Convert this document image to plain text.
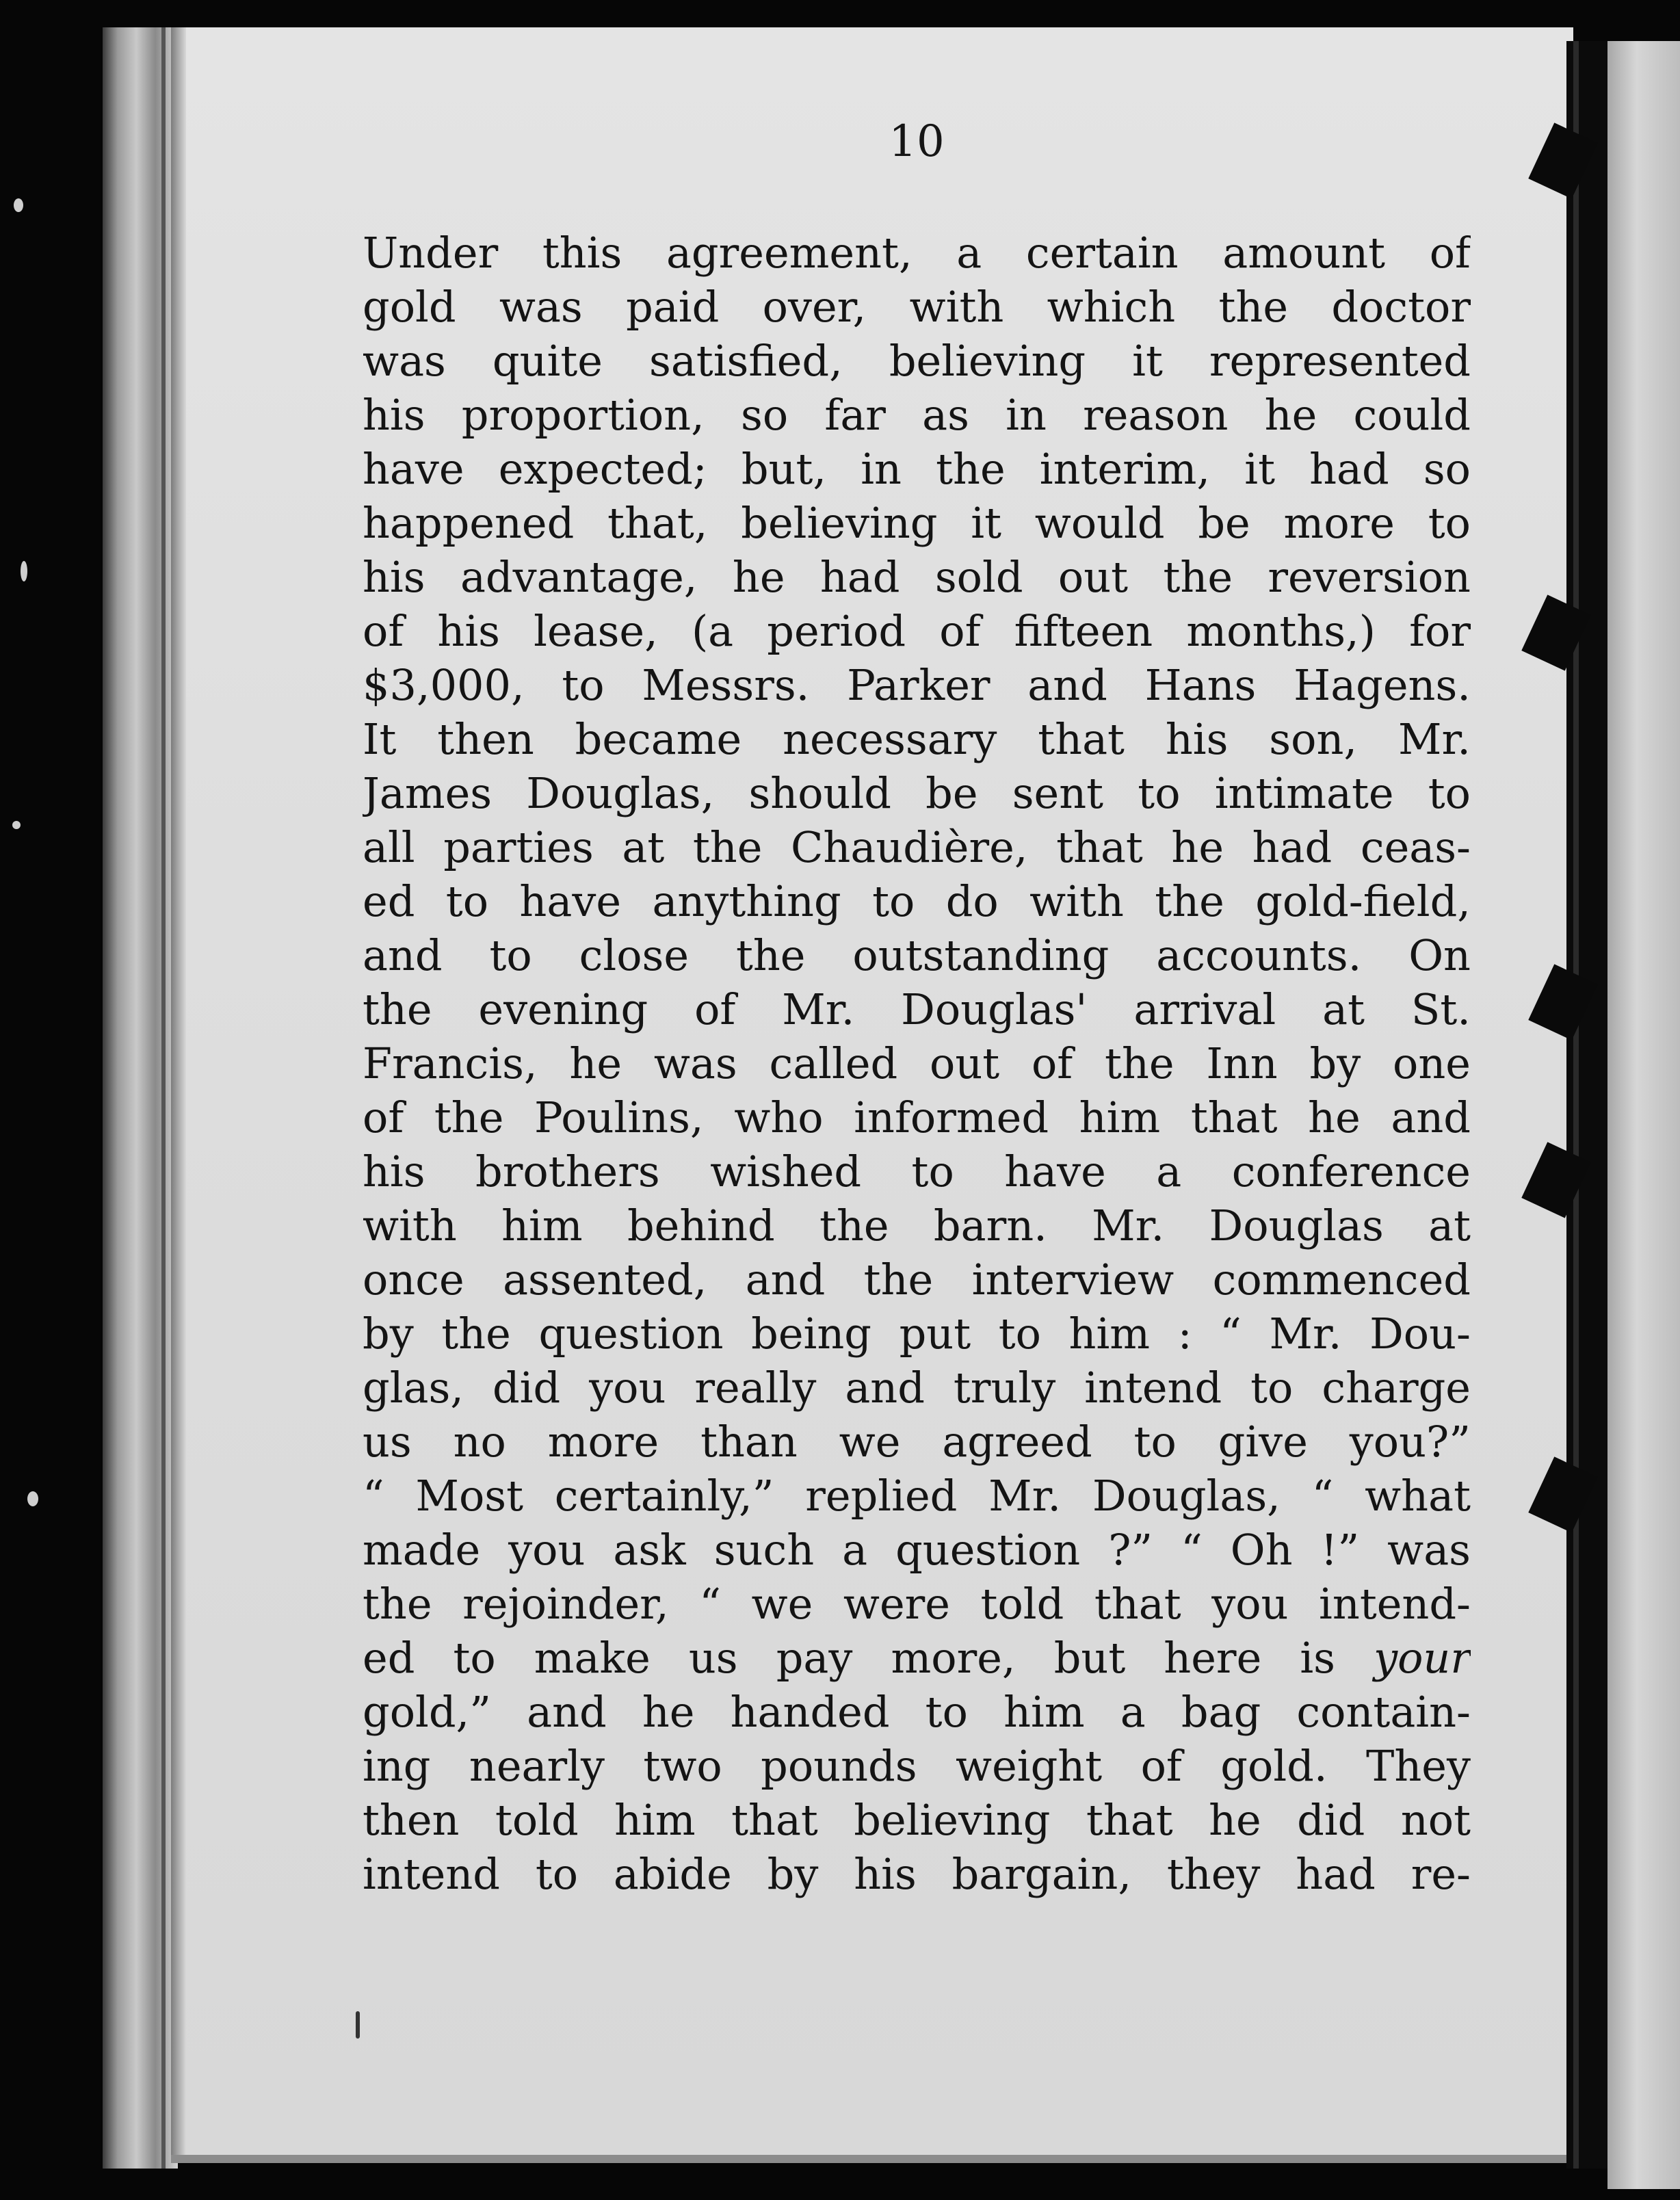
10
Under this agreement, a certain amount of
gold was paid over, with which the doctor
was quite satisfied, believing it represented
his proportion, so far as in reason he could
have expected; but, in the interim, it had so
happened that, believing it would be more to
his advantage, he had sold out the reversion
of his lease, (a period of fifteen months,) for
$3,000, to Messrs. Parker and Hans Hagens.
It then became necessary that his son, Mr.
James Douglas, should be sent to intimate to
all parties at the Chaudière, that he had ceas-
ed to have anything to do with the gold-field,
and to close the outstanding accounts. On
the evening of Mr. Douglas' arrival at St.
Francis, he was called out of the Inn by one
of the Poulins, who informed him that he and
his brothers wished to have a conference
with him behind the barn. Mr. Douglas at
once assented, and the interview commenced
by the question being put to him : “ Mr. Dou-
glas, did you really and truly intend to charge
us no more than we agreed to give you?”
“ Most certainly,” replied Mr. Douglas, “ what
made you ask such a question ?” “ Oh !” was
the rejoinder, “ we were told that you intend-
ed to make us pay more, but here is your
gold,” and he handed to him a bag contain-
ing nearly two pounds weight of gold. They
then told him that believing that he did not
intend to abide by his bargain, they had re-
